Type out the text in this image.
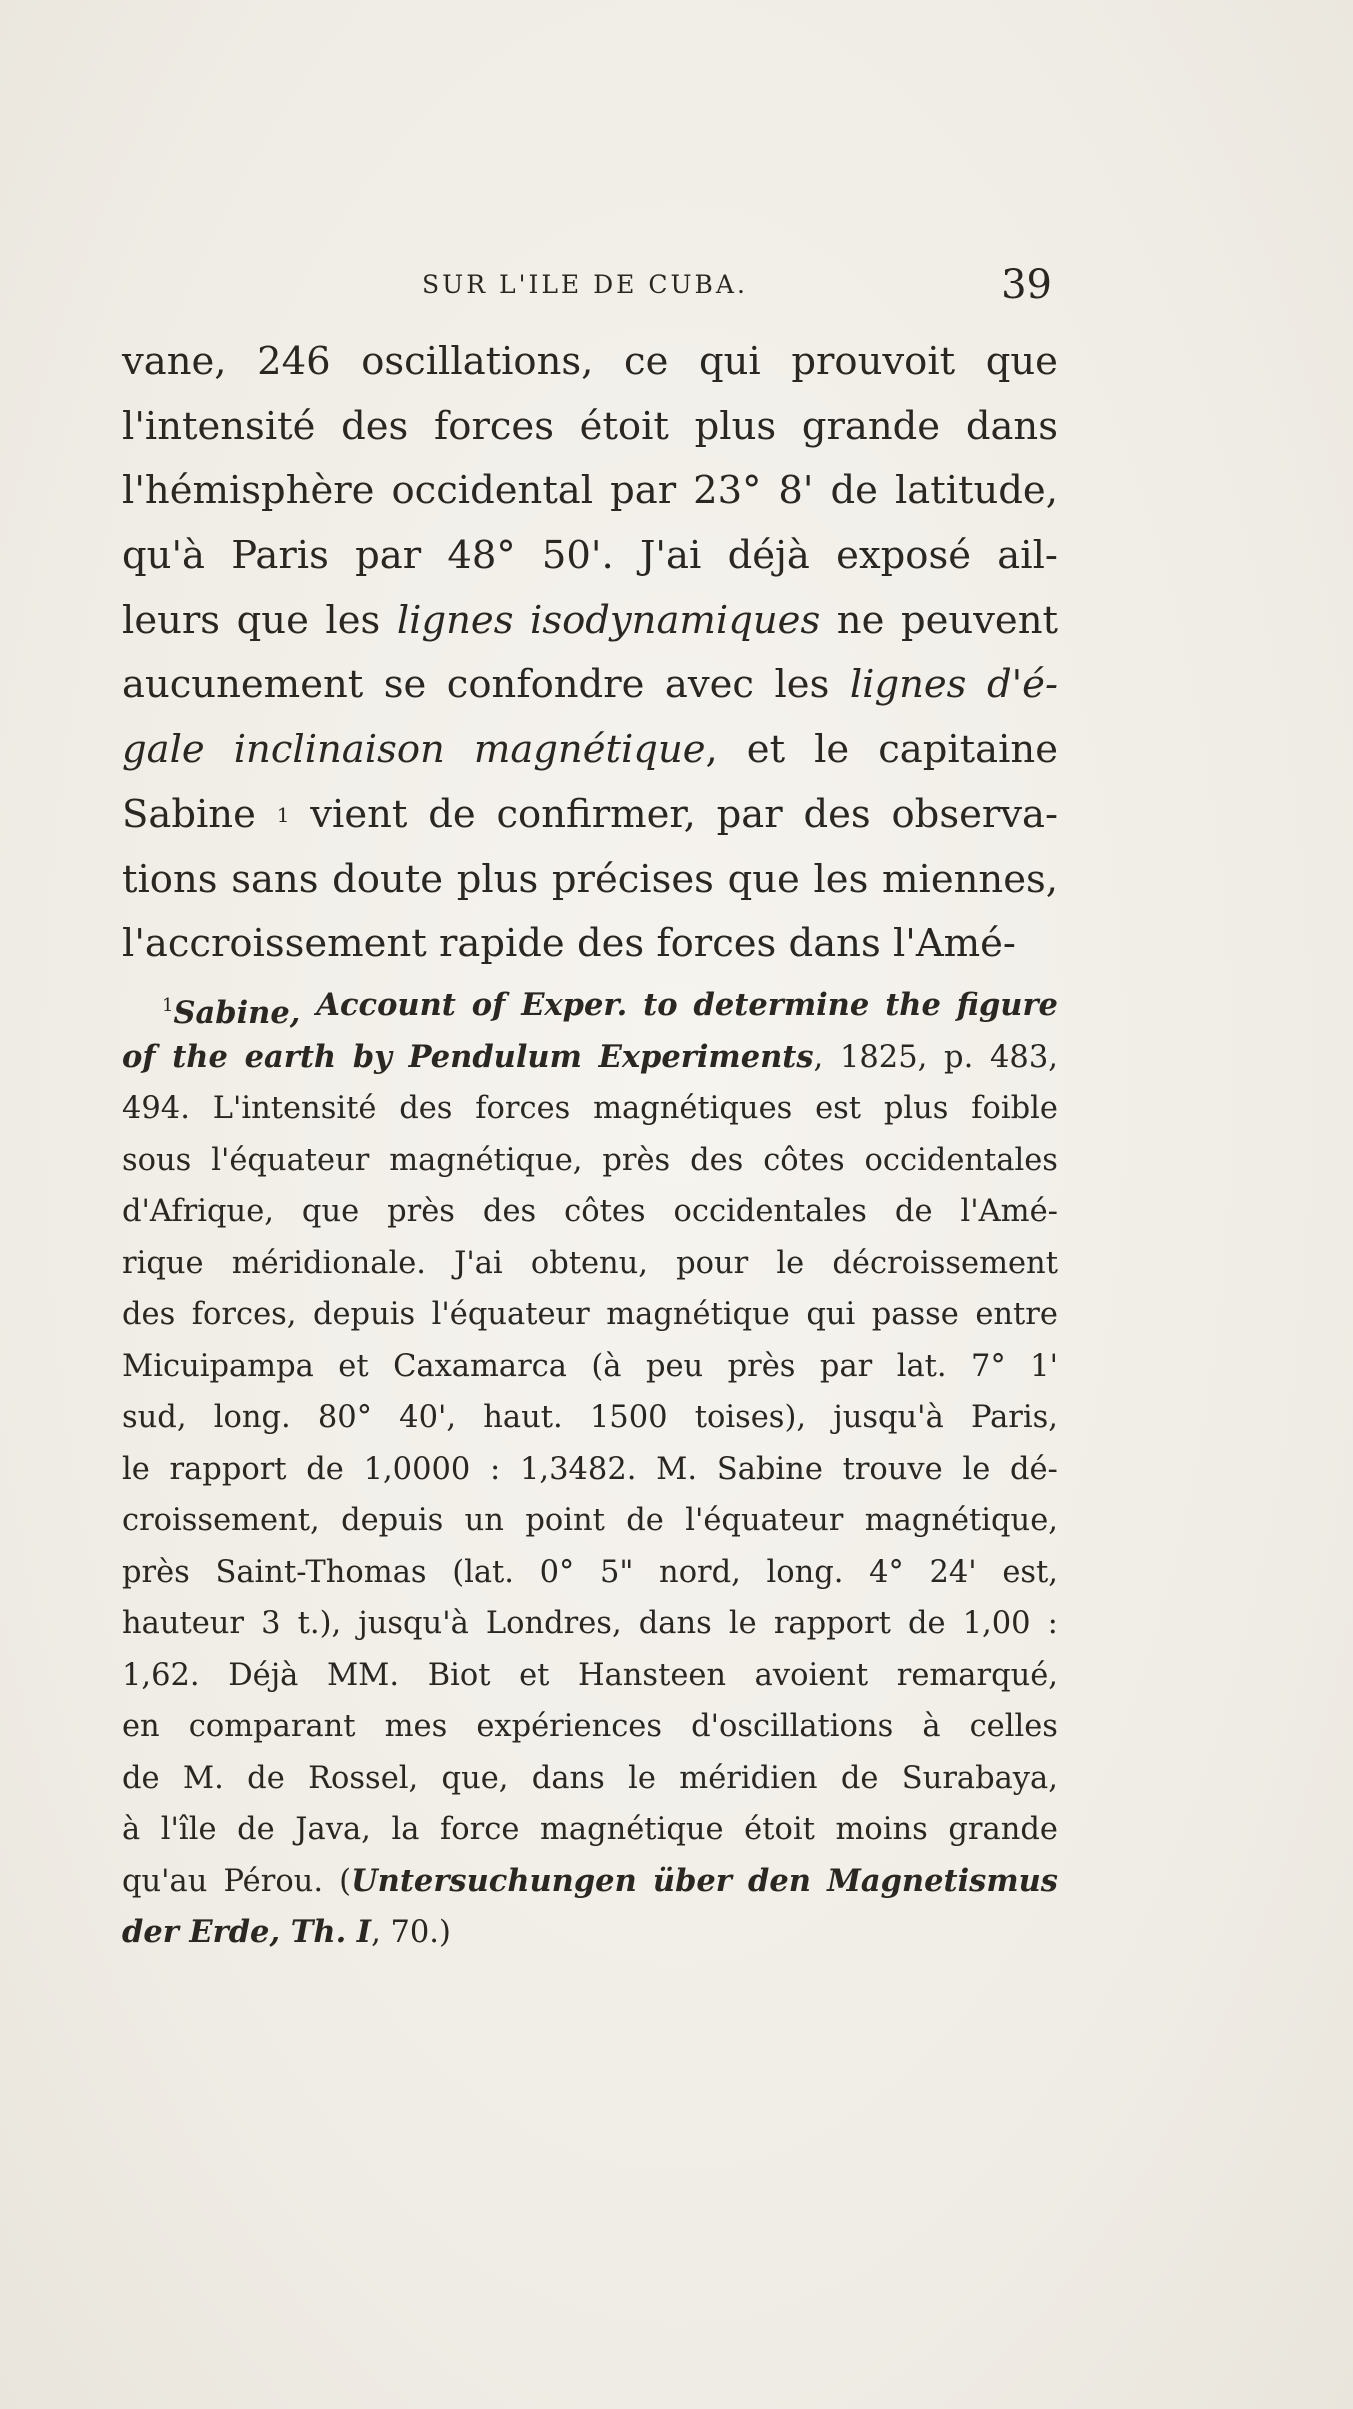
SUR L'ILE DE CUBA.	39
vane, 246 oscillations, ce qui prouvoit que
l'intensité des forces étoit plus grande dans
l'hémisphère occidental par 23° 8' de latitude,
qu'à Paris par 48° 50'. J'ai déjà exposé ail-
leurs que les lignes isodynamiques ne peuvent
aucunement se confondre avec les lignes d'é-
gale inclinaison magnétique, et le capitaine
Sabine $^1$ vient de confirmer, par des observa-
tions sans doute plus précises que les miennes,
l'accroissement rapide des forces dans l'Amé-
$^1$Sabine, Account of Exper. to determine the figure
of the earth by Pendulum Experiments, 1825, p. 483,
494. L'intensité des forces magnétiques est plus foible
sous l'équateur magnétique, près des côtes occidentales
d'Afrique, que près des côtes occidentales de l'Amé-
rique méridionale. J'ai obtenu, pour le décroissement
des forces, depuis l'équateur magnétique qui passe entre
Micuipampa et Caxamarca (à peu près par lat. 7° 1'
sud, long. 80° 40', haut. 1500 toises), jusqu'à Paris,
le rapport de 1,0000 : 1,3482. M. Sabine trouve le dé-
croissement, depuis un point de l'équateur magnétique,
près Saint-Thomas (lat. 0° 5" nord, long. 4° 24' est,
hauteur 3 t.), jusqu'à Londres, dans le rapport de 1,00 :
1,62. Déjà MM. Biot et Hansteen avoient remarqué,
en comparant mes expériences d'oscillations à celles
de M. de Rossel, que, dans le méridien de Surabaya,
à l'île de Java, la force magnétique étoit moins grande
qu'au Pérou. (Untersuchungen über den Magnetismus
der Erde, Th. I , 70.)
